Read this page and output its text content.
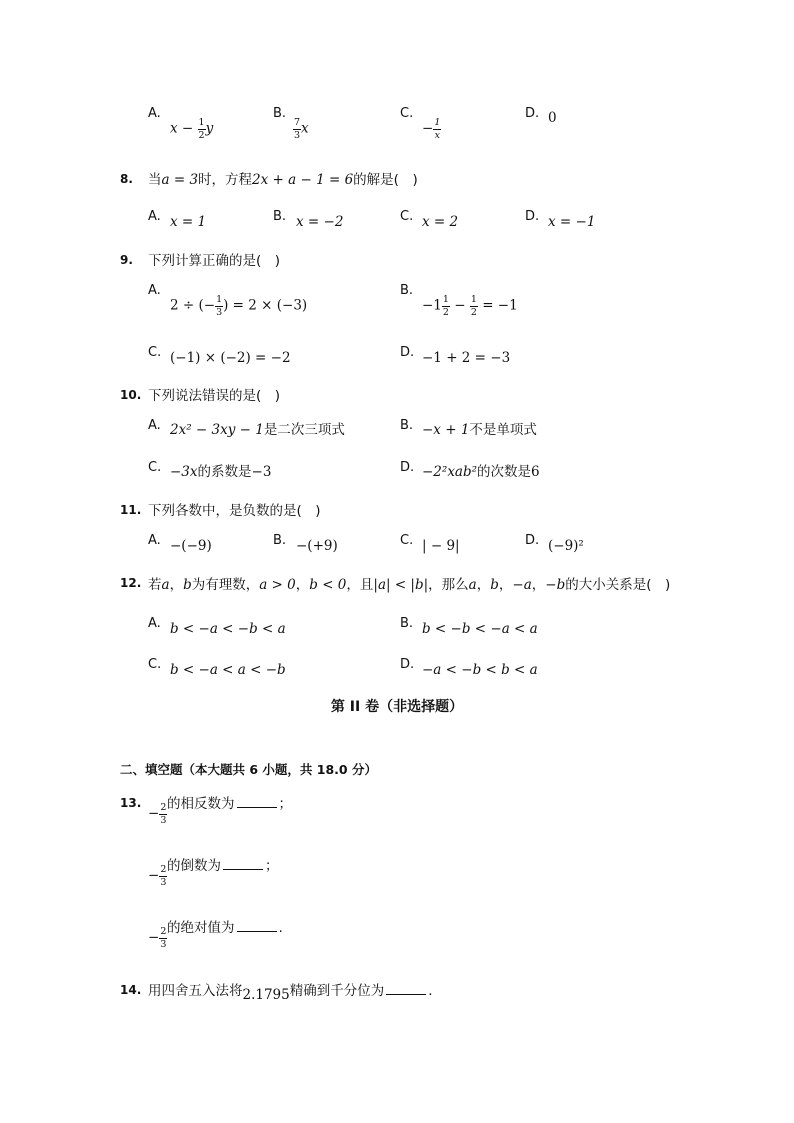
A.
$x - \frac{1}{2}$ y
B.
$\frac{7}{3}$ x
C.
− $\frac{1}{x}$
D. 0
8. 当a = 3时，方程2x + a − 1 = 6的解是(　)
A. x = 1	B. x = −2	C. x = 2	D. x = −1
9. 下列计算正确的是(　)
A.
2 ÷ (− $\frac{1}{3}$ ) = 2 × (−3)
B.
$-1 \frac{1}{2} - \frac{1}{2} = -1$
C. (−1) × (−2) = −2	D. −1 + 2 = −3
10. 下列说法错误的是(　)
A. 2x² − 3xy − 1是二次三项式	B. −x + 1不是单项式
C. −3x的系数是−3	D. −2²xab²的次数是6
11. 下列各数中，是负数的是(　)
A. −(−9)	B. −(+9)	C. | − 9|	D. (−9)²
12. 若a，b为有理数，a > 0，b < 0，且|a| < |b|，那么a，b，−a，−b的大小关系是(　)
A. b < −a < −b < a	B. b < −b < −a < a
C. b < −a < a < −b	D. −a < −b < b < a
第 II 卷（非选择题）
二、填空题（本大题共 6 小题，共 18.0 分）
13.
− $\frac{2}{3}$ 的相反数为	；
− $\frac{2}{3}$ 的倒数为	；
− $\frac{2}{3}$ 的绝对值为	.
14. 用四舍五入法将2.1795精确到千分位为	.
